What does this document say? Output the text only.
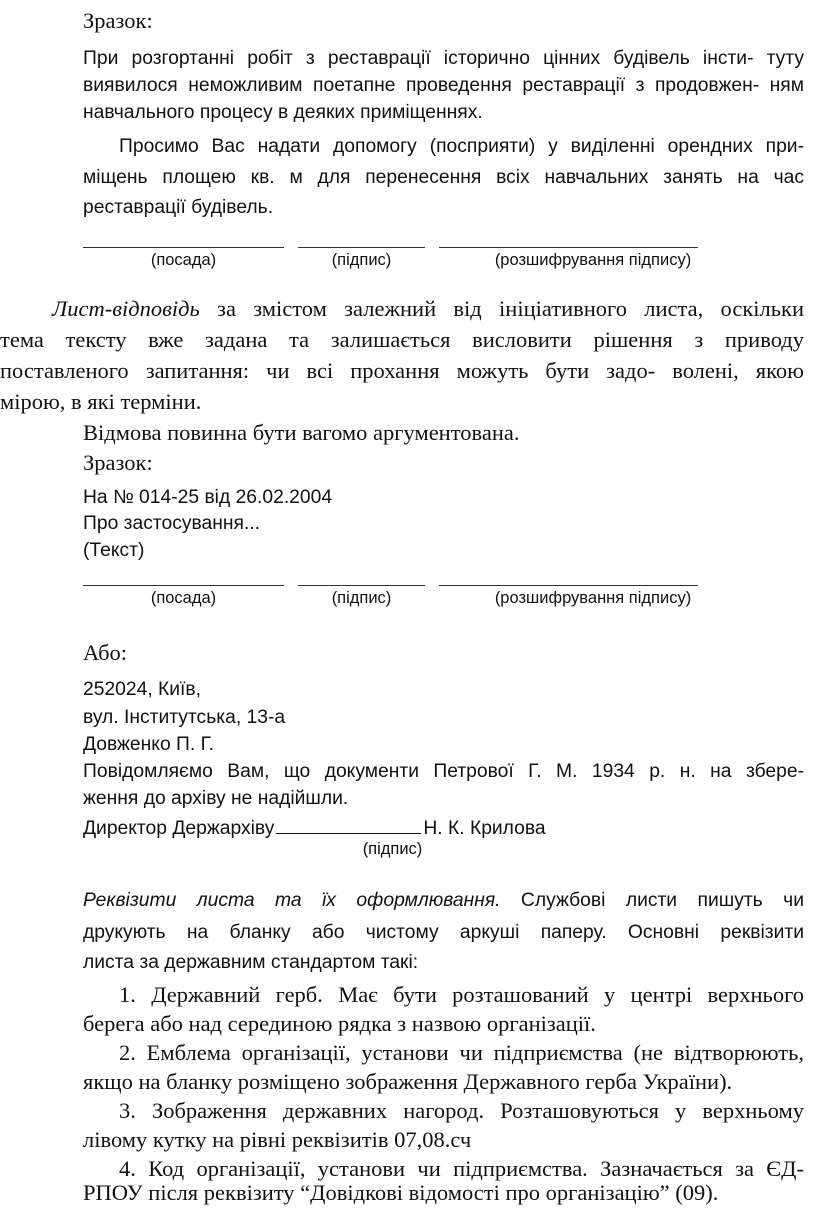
Зразок:
При розгортанні робіт з реставрації історично цінних будівель інсти- туту
виявилося неможливим поетапне проведення реставрації з продовжен- ням
навчального процесу в деяких приміщеннях.
Просимо Вас надати допомогу (посприяти) у виділенні орендних при-
міщень площею кв. м для перенесення всіх навчальних занять на час
реставрації будівель.
(посада)	(підпис)	(розшифрування підпису)
Лист-відповідь за змістом залежний від ініціативного листа, оскільки
тема тексту вже задана та залишається висловити рішення з приводу
поставленого запитання: чи всі прохання можуть бути задо- волені, якою
мірою, в які терміни.
Відмова повинна бути вагомо аргументована.
Зразок:
На № 014-25 від 26.02.2004
Про застосування...
(Текст)
(посада)	(підпис)	(розшифрування підпису)
Або:
252024, Київ,
вул. Інститутська, 13-а
Довженко П. Г.
Повідомляємо Вам, що документи Петрової Г. М. 1934 р. н. на збере-
ження до архіву не надійшли.
Директор Держархіву	Н. К. Крилова
(підпис)
Реквізити листа та їх оформлювання. Службові листи пишуть чи
друкують на бланку або чистому аркуші паперу. Основні реквізити
листа за державним стандартом такі:
1. Державний герб. Має бути розташований у центрі верхнього
берега або над серединою рядка з назвою організації.
2. Емблема організації, установи чи підприємства (не відтворюють,
якщо на бланку розміщено зображення Державного герба України).
3. Зображення державних нагород. Розташовуються у верхньому
лівому кутку на рівні реквізитів 07,08.сч
4. Код організації, установи чи підприємства. Зазначається за ЄД-
РПОУ після реквізиту “Довідкові відомості про організацію” (09).
